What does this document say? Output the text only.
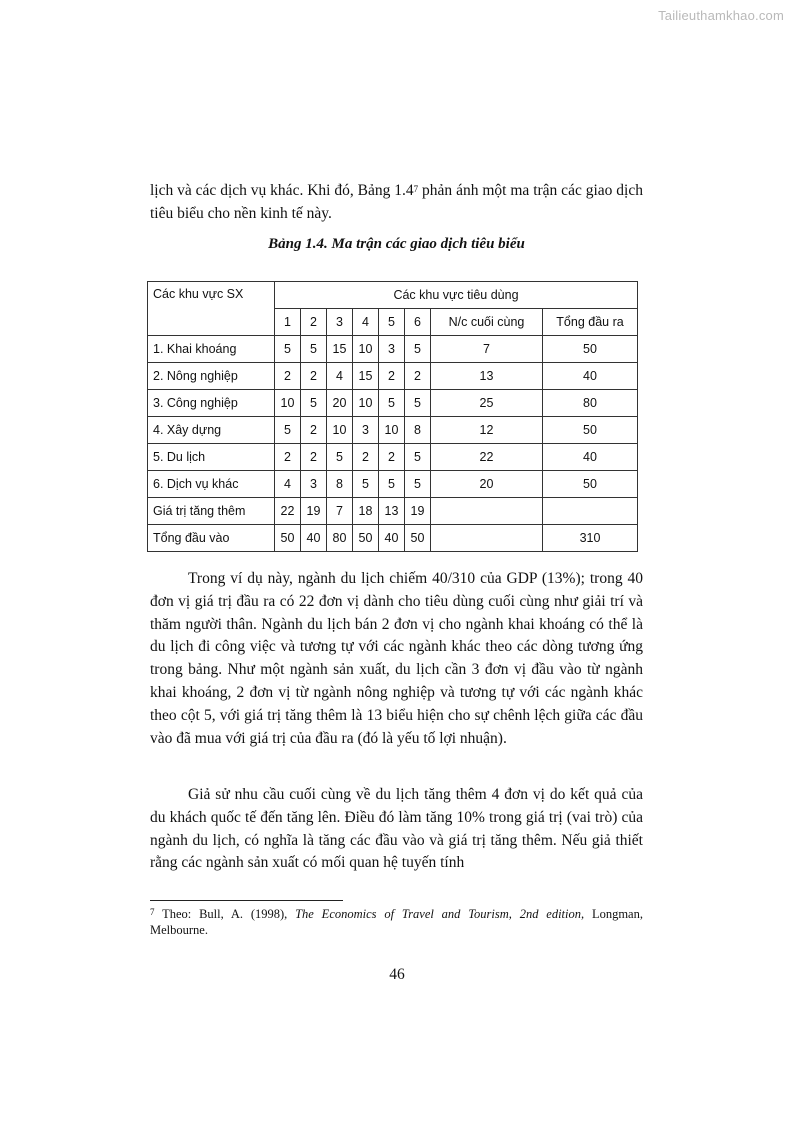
Tailieuthamkhao.com

lịch và các dịch vụ khác. Khi đó, Bảng $1.4^7$ phản ánh một ma trận các giao dịch tiêu biểu cho nền kinh tế này.

Bảng 1.4. Ma trận các giao dịch tiêu biểu
Các khu vực SX	Các khu vực tiêu dùng							
	1	2	3	4	5	6	N/c cuối cùng	Tổng đầu ra
1. Khai khoáng	5	5	15	10	3	5	7	50
2. Nông nghiệp	2	2	4	15	2	2	13	40
3. Công nghiệp	10	5	20	10	5	5	25	80
4. Xây dựng	5	2	10	3	10	8	12	50
5. Du lịch	2	2	5	2	2	5	22	40
6. Dịch vụ khác	4	3	8	5	5	5	20	50
Giá trị tăng thêm	22	19	7	18	13	19		
Tổng đầu vào	50	40	80	50	40	50		310

Trong ví dụ này, ngành du lịch chiếm 40/310 của GDP (13%); trong 40 đơn vị giá trị đầu ra có 22 đơn vị dành cho tiêu dùng cuối cùng như giải trí và thăm người thân. Ngành du lịch bán 2 đơn vị cho ngành khai khoáng có thể là du lịch đi công việc và tương tự với các ngành khác theo các dòng tương ứng trong bảng. Như một ngành sản xuất, du lịch cần 3 đơn vị đầu vào từ ngành khai khoáng, 2 đơn vị từ ngành nông nghiệp và tương tự với các ngành khác theo cột 5, với giá trị tăng thêm là 13 biểu hiện cho sự chênh lệch giữa các đầu vào đã mua với giá trị của đầu ra (đó là yếu tố lợi nhuận).

Giả sử nhu cầu cuối cùng về du lịch tăng thêm 4 đơn vị do kết quả của du khách quốc tế đến tăng lên. Điều đó làm tăng 10% trong giá trị (vai trò) của ngành du lịch, có nghĩa là tăng các đầu vào và giá trị tăng thêm. Nếu giả thiết rằng các ngành sản xuất có mối quan hệ tuyến tính

$^7$ Theo: Bull, A. (1998), The Economics of Travel and Tourism, 2nd edition, Longman, Melbourne.

46
